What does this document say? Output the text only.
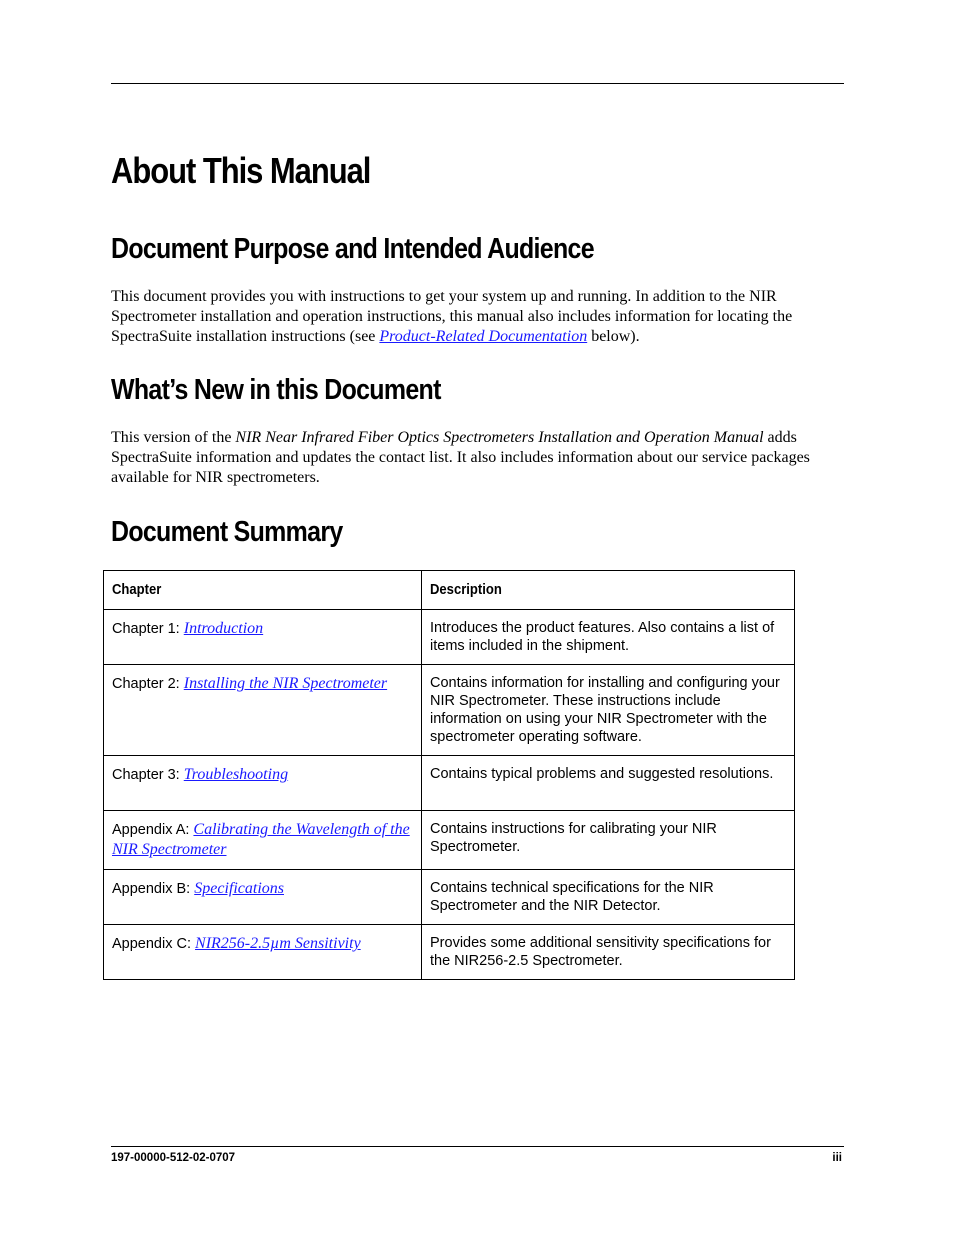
About This Manual
Document Purpose and Intended Audience

This document provides you with instructions to get your system up and running. In addition to the NIR Spectrometer installation and operation instructions, this manual also includes information for locating the SpectraSuite installation instructions (see Product-Related Documentation below).

What’s New in this Document

This version of the NIR Near Infrared Fiber Optics Spectrometers Installation and Operation Manual adds SpectraSuite information and updates the contact list. It also includes information about our service packages available for NIR spectrometers.

Document Summary
Chapter	Description
Chapter 1: Introduction	Introduces the product features. Also contains a list of items included in the shipment.
Chapter 2: Installing the NIR Spectrometer	Contains information for installing and configuring your NIR Spectrometer. These instructions include information on using your NIR Spectrometer with the spectrometer operating software.
Chapter 3: Troubleshooting	Contains typical problems and suggested resolutions.
Appendix A: Calibrating the Wavelength of the NIR Spectrometer	Contains instructions for calibrating your NIR Spectrometer.
Appendix B: Specifications	Contains technical specifications for the NIR Spectrometer and the NIR Detector.
Appendix C: NIR256-2.5µm Sensitivity	Provides some additional sensitivity specifications for the NIR256-2.5 Spectrometer.
197-00000-512-02-0707	iii
